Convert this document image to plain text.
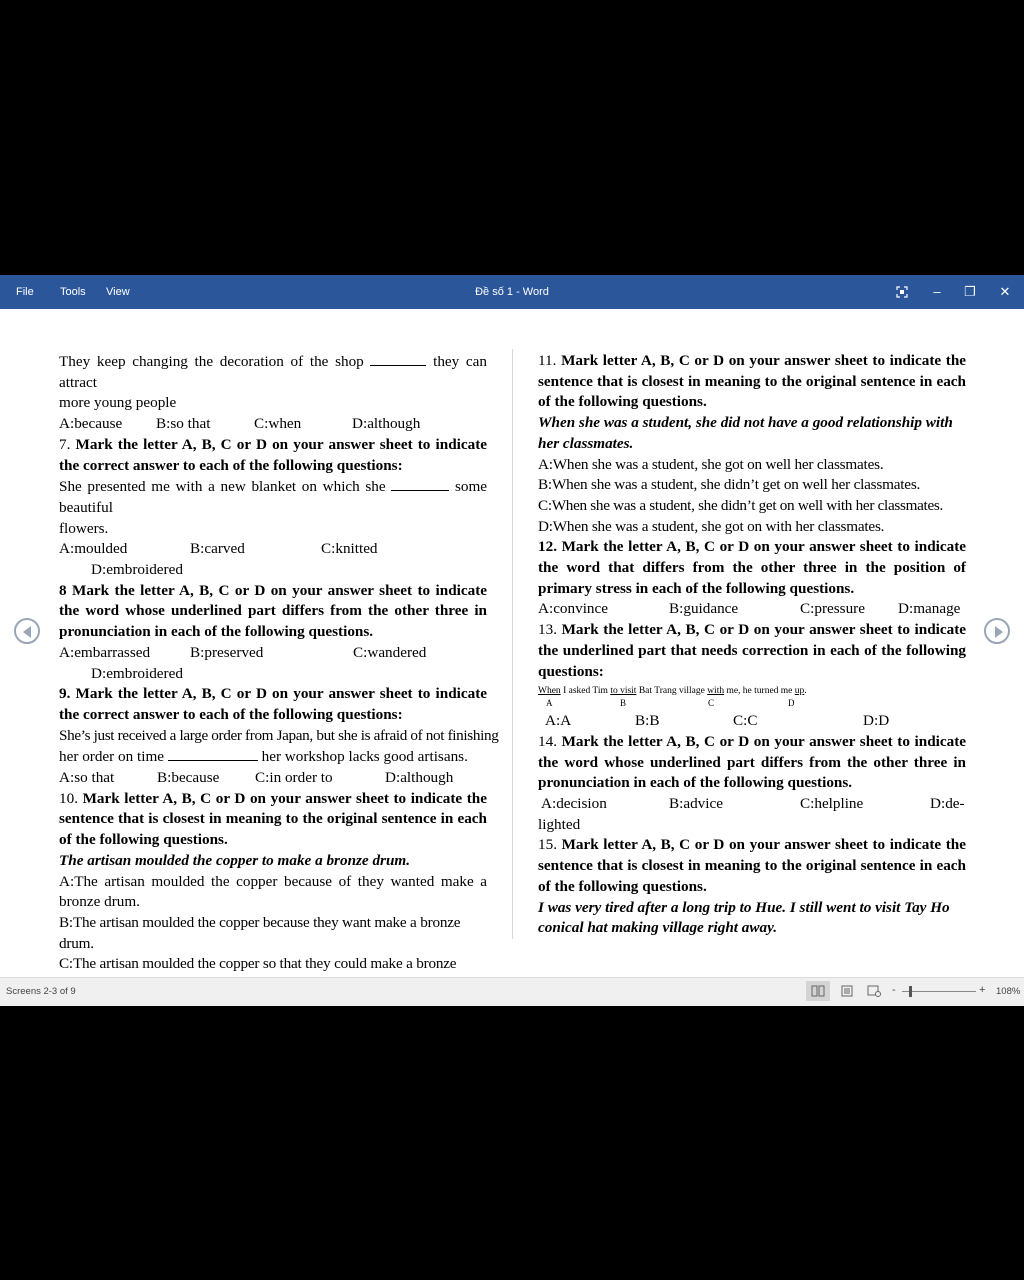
File Tools View	Đề số 1 - Word	–	❐	✕

They keep changing the decoration of the shop	they can attract

more young people

A:because	B:so that	C:when	D:although

7. Mark the letter A, B, C or D on your answer sheet to indicate the correct answer to each of the following questions:

She presented me with a new blanket on which she	some beautiful

flowers.

A:moulded	B:carved	C:knitted

D:embroidered

8 Mark the letter A, B, C or D on your answer sheet to indicate the word whose underlined part differs from the other three in pronunciation in each of the following questions.

A:embarrassed	B:preserved	C:wandered

D:embroidered

9. Mark the letter A, B, C or D on your answer sheet to indicate the correct answer to each of the following questions:

She’s just received a large order from Japan, but she is afraid of not finishing

her order on time	her workshop lacks good artisans.

A:so that	B:because	C:in order to	D:although

10. Mark letter A, B, C or D on your answer sheet to indicate the sentence that is closest in meaning to the original sentence in each of the following questions.

The artisan moulded the copper to make a bronze drum.

A:The artisan moulded the copper because of they wanted make a bronze drum.

B:The artisan moulded the copper because they want make a bronze drum.

C:The artisan moulded the copper so that they could make a bronze

11. Mark letter A, B, C or D on your answer sheet to indicate the sentence that is closest in meaning to the original sentence in each of the following questions.

When she was a student, she did not have a good relationship with her classmates.

A:When she was a student, she got on well her classmates.

B:When she was a student, she didn’t get on well her classmates.

C:When she was a student, she didn’t get on well with her classmates.

D:When she was a student, she got on with her classmates.

12. Mark the letter A, B, C or D on your answer sheet to indicate the word that differs from the other three in the position of primary stress in each of the following questions.

A:convince	B:guidance	C:pressure	D:manage

13. Mark the letter A, B, C or D on your answer sheet to indicate the underlined part that needs correction in each of the following questions:

When I asked Tim to visit Bat Trang village with me, he turned me up.

A	B	C	D

A:A	B:B	C:C	D:D

14. Mark the letter A, B, C or D on your answer sheet to indicate the word whose underlined part differs from the other three in pronunciation in each of the following questions.

A:decision	B:advice	C:helpline	D:de-

lighted

15. Mark letter A, B, C or D on your answer sheet to indicate the sentence that is closest in meaning to the original sentence in each of the following questions.

I was very tired after a long trip to Hue. I still went to visit Tay Ho conical hat making village right away.

Screens 2-3 of 9	-	+ 108%
